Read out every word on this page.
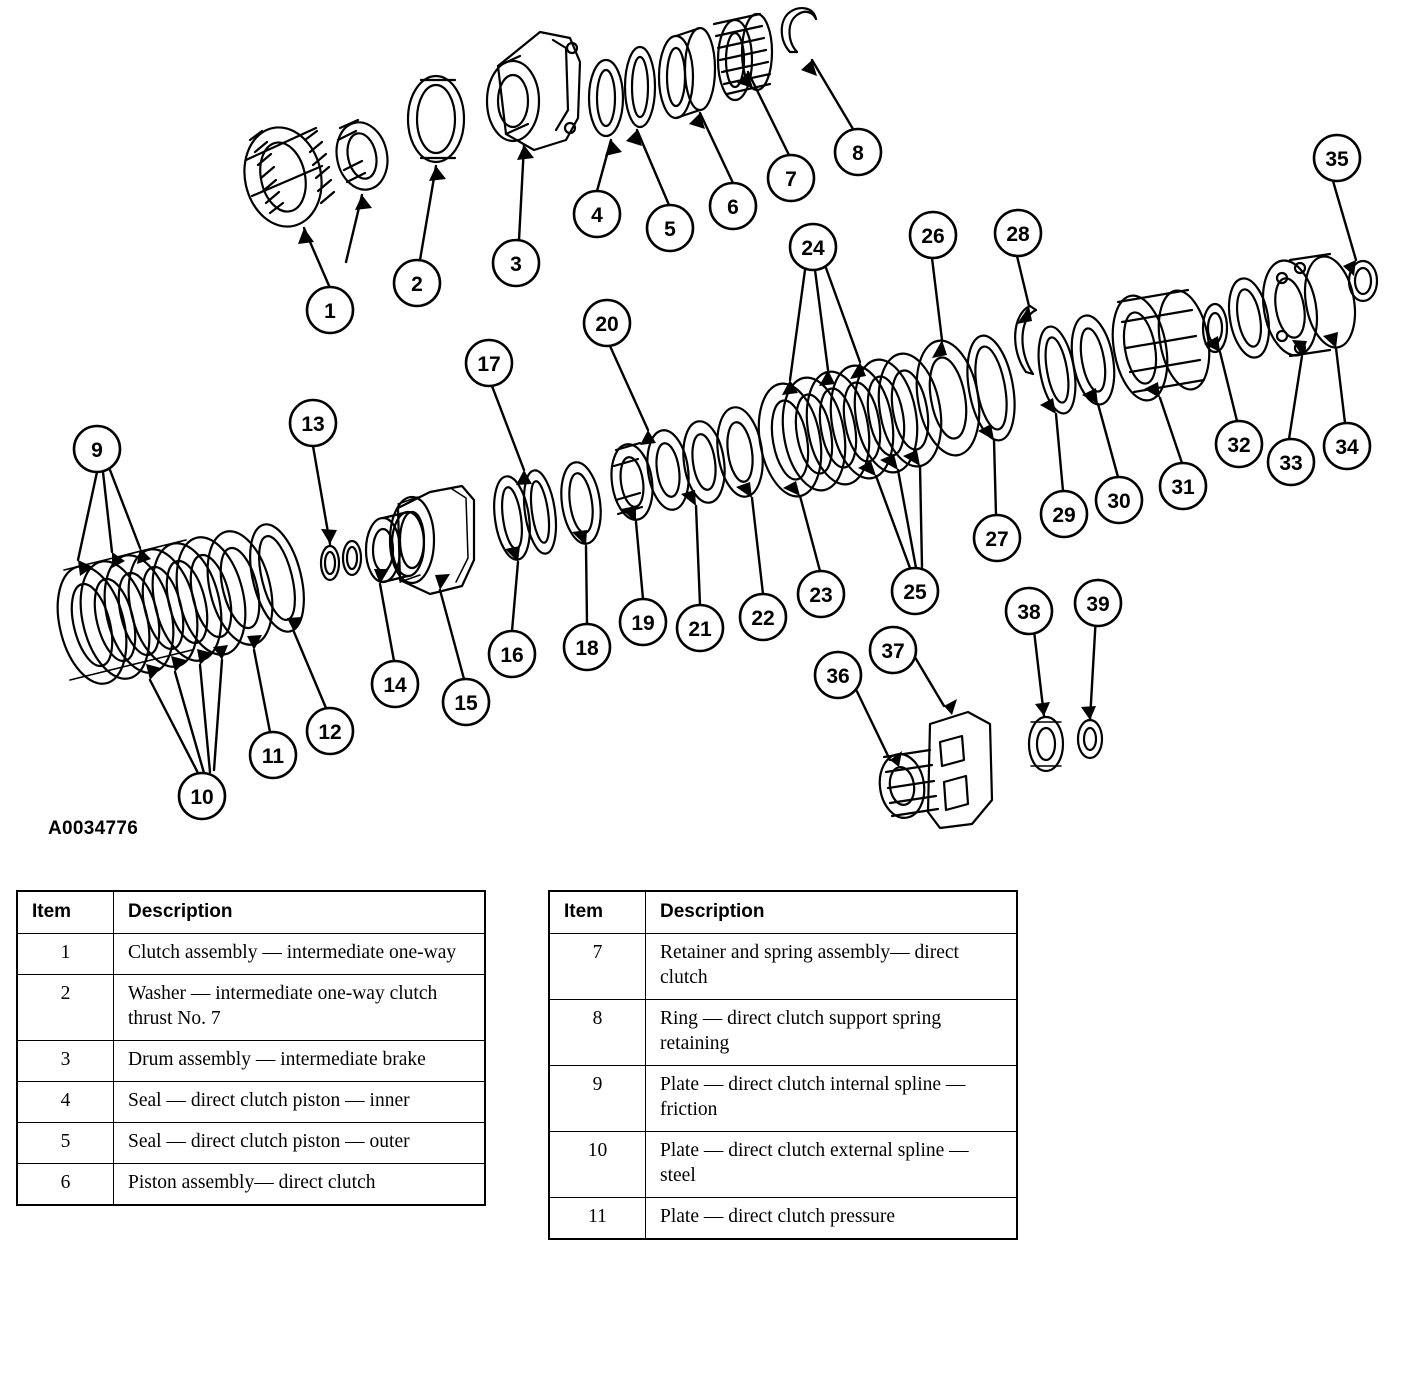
1
2
3
4
5
6
7
8
9
10
11
12
13
14
15
16
17
18
19
20
21 22
23
24
25
26
27
28
29
30
31
32
33
34
35
36
37
38 39
A0034776
Item	Description
1	Clutch assembly — intermediate one-way
2	Washer — intermediate one-way clutch thrust No. 7
3	Drum assembly — intermediate brake
4	Seal — direct clutch piston — inner
5	Seal — direct clutch piston — outer
6	Piston assembly— direct clutch
Item	Description
7	Retainer and spring assembly— direct clutch
8	Ring — direct clutch support spring retaining
9	Plate — direct clutch internal spline — friction
10	Plate — direct clutch external spline — steel
11	Plate — direct clutch pressure
